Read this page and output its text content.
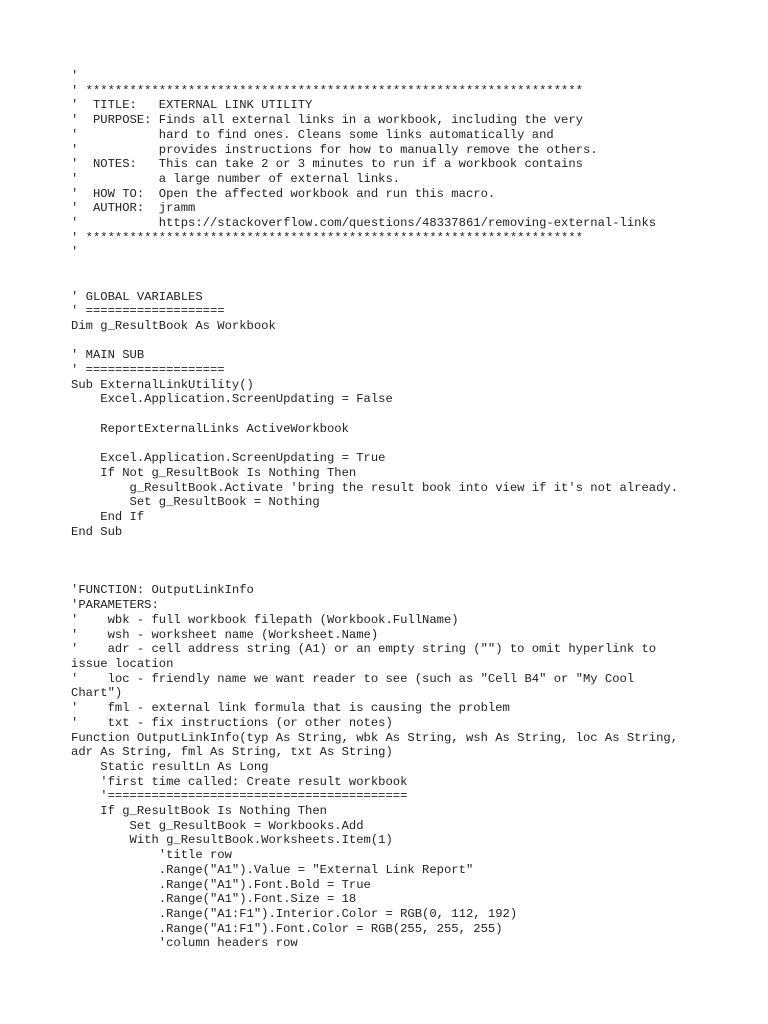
'
' ********************************************************************
'  TITLE:   EXTERNAL LINK UTILITY
'  PURPOSE: Finds all external links in a workbook, including the very
'           hard to find ones. Cleans some links automatically and
'           provides instructions for how to manually remove the others.
'  NOTES:   This can take 2 or 3 minutes to run if a workbook contains
'           a large number of external links.
'  HOW TO:  Open the affected workbook and run this macro.
'  AUTHOR:  jramm
'           https://stackoverflow.com/questions/48337861/removing-external-links
' ********************************************************************
'
' GLOBAL VARIABLES
' ===================
Dim g_ResultBook As Workbook
' MAIN SUB
' ===================
Sub ExternalLinkUtility()
Excel.Application.ScreenUpdating = False
ReportExternalLinks ActiveWorkbook
Excel.Application.ScreenUpdating = True
If Not g_ResultBook Is Nothing Then
g_ResultBook.Activate 'bring the result book into view if it's not already.
Set g_ResultBook = Nothing
End If
End Sub
'FUNCTION: OutputLinkInfo
'PARAMETERS:
'    wbk - full workbook filepath (Workbook.FullName)
'    wsh - worksheet name (Worksheet.Name)
'    adr - cell address string (A1) or an empty string ("") to omit hyperlink to
issue location
'    loc - friendly name we want reader to see (such as "Cell B4" or "My Cool
Chart")
'    fml - external link formula that is causing the problem
'    txt - fix instructions (or other notes)
Function OutputLinkInfo(typ As String, wbk As String, wsh As String, loc As String,
adr As String, fml As String, txt As String)
Static resultLn As Long
'first time called: Create result workbook
'=========================================
If g_ResultBook Is Nothing Then
Set g_ResultBook = Workbooks.Add
With g_ResultBook.Worksheets.Item(1)
'title row
.Range("A1").Value = "External Link Report"
.Range("A1").Font.Bold = True
.Range("A1").Font.Size = 18
.Range("A1:F1").Interior.Color = RGB(0, 112, 192)
.Range("A1:F1").Font.Color = RGB(255, 255, 255)
'column headers row
